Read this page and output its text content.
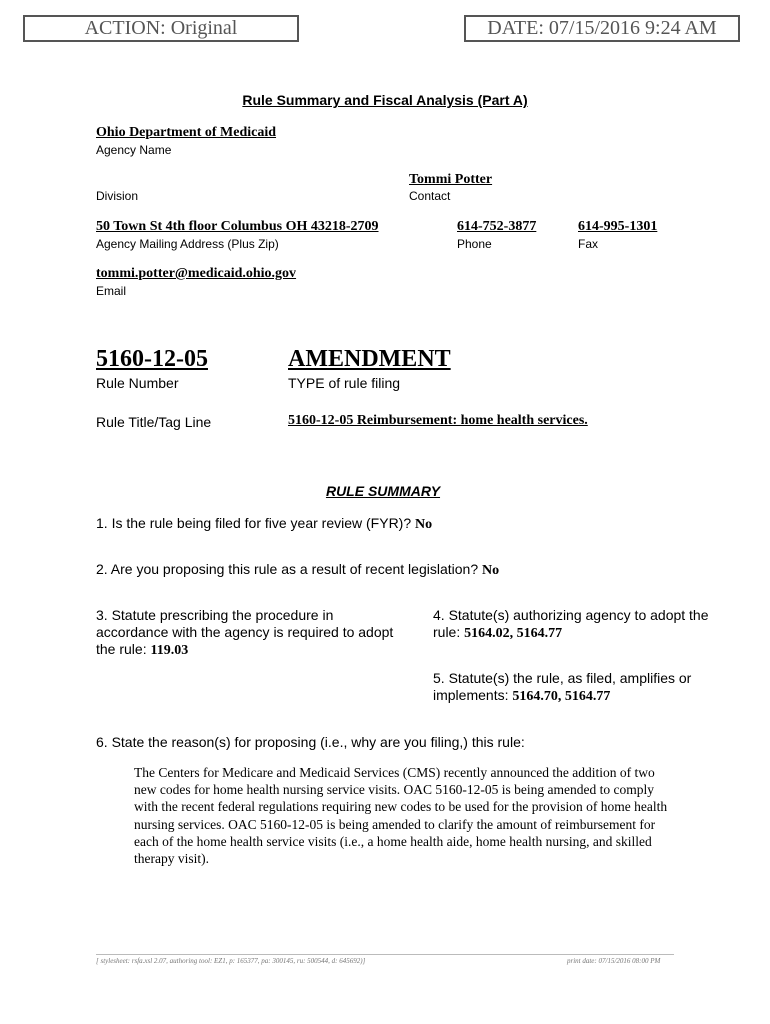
ACTION: Original	DATE: 07/15/2016 9:24 AM
Rule Summary and Fiscal Analysis (Part A)
Ohio Department of Medicaid
Agency Name
Tommi Potter
Division	Contact
50 Town St 4th floor Columbus OH 43218-2709	614-752-3877	614-995-1301
Agency Mailing Address (Plus Zip)	Phone	Fax
tommi.potter@medicaid.ohio.gov
Email
5160-12-05	AMENDMENT
Rule Number	TYPE of rule filing
Rule Title/Tag Line	5160-12-05 Reimbursement: home health services.
RULE SUMMARY
1. Is the rule being filed for five year review (FYR)? No
2. Are you proposing this rule as a result of recent legislation? No
3. Statute prescribing the procedure in accordance with the agency is required to adopt the rule: 119.03
4. Statute(s) authorizing agency to adopt the rule: 5164.02, 5164.77
5. Statute(s) the rule, as filed, amplifies or implements: 5164.70, 5164.77
6. State the reason(s) for proposing (i.e., why are you filing,) this rule:
The Centers for Medicare and Medicaid Services (CMS) recently announced the addition of two new codes for home health nursing service visits. OAC 5160-12-05 is being amended to comply with the recent federal regulations requiring new codes to be used for the provision of home health nursing services. OAC 5160-12-05 is being amended to clarify the amount of reimbursement for each of the home health service visits (i.e., a home health aide, home health nursing, and skilled therapy visit).
[ stylesheet: rsfa.xsl 2.07, authoring tool: EZ1, p: 165377, pa: 300145, ru: 500544, d: 645692)]	print date: 07/15/2016 08:00 PM
